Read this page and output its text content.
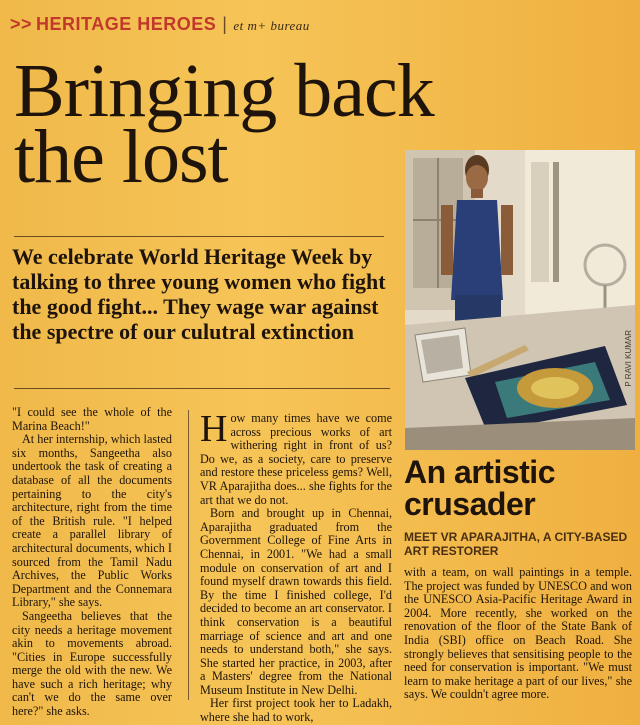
>> HERITAGE HEROES | et m+ bureau
Bringing back
the lost

We celebrate World Heritage Week by talking to three young women who fight the good fight... They wage war against the spectre of our culutral extinction	P RAVI KUMAR
An artistic
crusader
MEET VR APARAJITHA, A CITY-BASED ART RESTORER

"I could see the whole of the Marina Beach!"

At her internship, which lasted six months, Sangeetha also undertook the task of creating a database of all the documents pertaining to the city's architecture, right from the time of the British rule. "I helped create a parallel library of architectural documents, which I sourced from the Tamil Nadu Archives, the Public Works Department and the Connemara Library," she says.

Sangeetha believes that the city needs a heritage movement akin to movements abroad. "Cities in Europe successfully merge the old with the new. We have such a rich heritage; why can't we do the same over here?" she asks.

How many times have we come across precious works of art withering right in front of us? Do we, as a society, care to preserve and restore these priceless gems? Well, VR Aparajitha does... she fights for the art that we do not.

Born and brought up in Chennai, Aparajitha graduated from the Government College of Fine Arts in Chennai, in 2001. "We had a small module on conservation of art and I found myself drawn towards this field. By the time I finished college, I'd decided to become an art conservator. I think conservation is a beautiful marriage of science and art and one needs to understand both," she says. She started her practice, in 2003, after a Masters' degree from the National Museum Institute in New Delhi.

Her first project took her to Ladakh, where she had to work,

with a team, on wall paintings in a temple. The project was funded by UNESCO and won the UNESCO Asia-Pacific Heritage Award in 2004. More recently, she worked on the renovation of the floor of the State Bank of India (SBI) office on Beach Road. She strongly believes that sensitising people to the need for conservation is important. "We must learn to make heritage a part of our lives," she says. We couldn't agree more.
